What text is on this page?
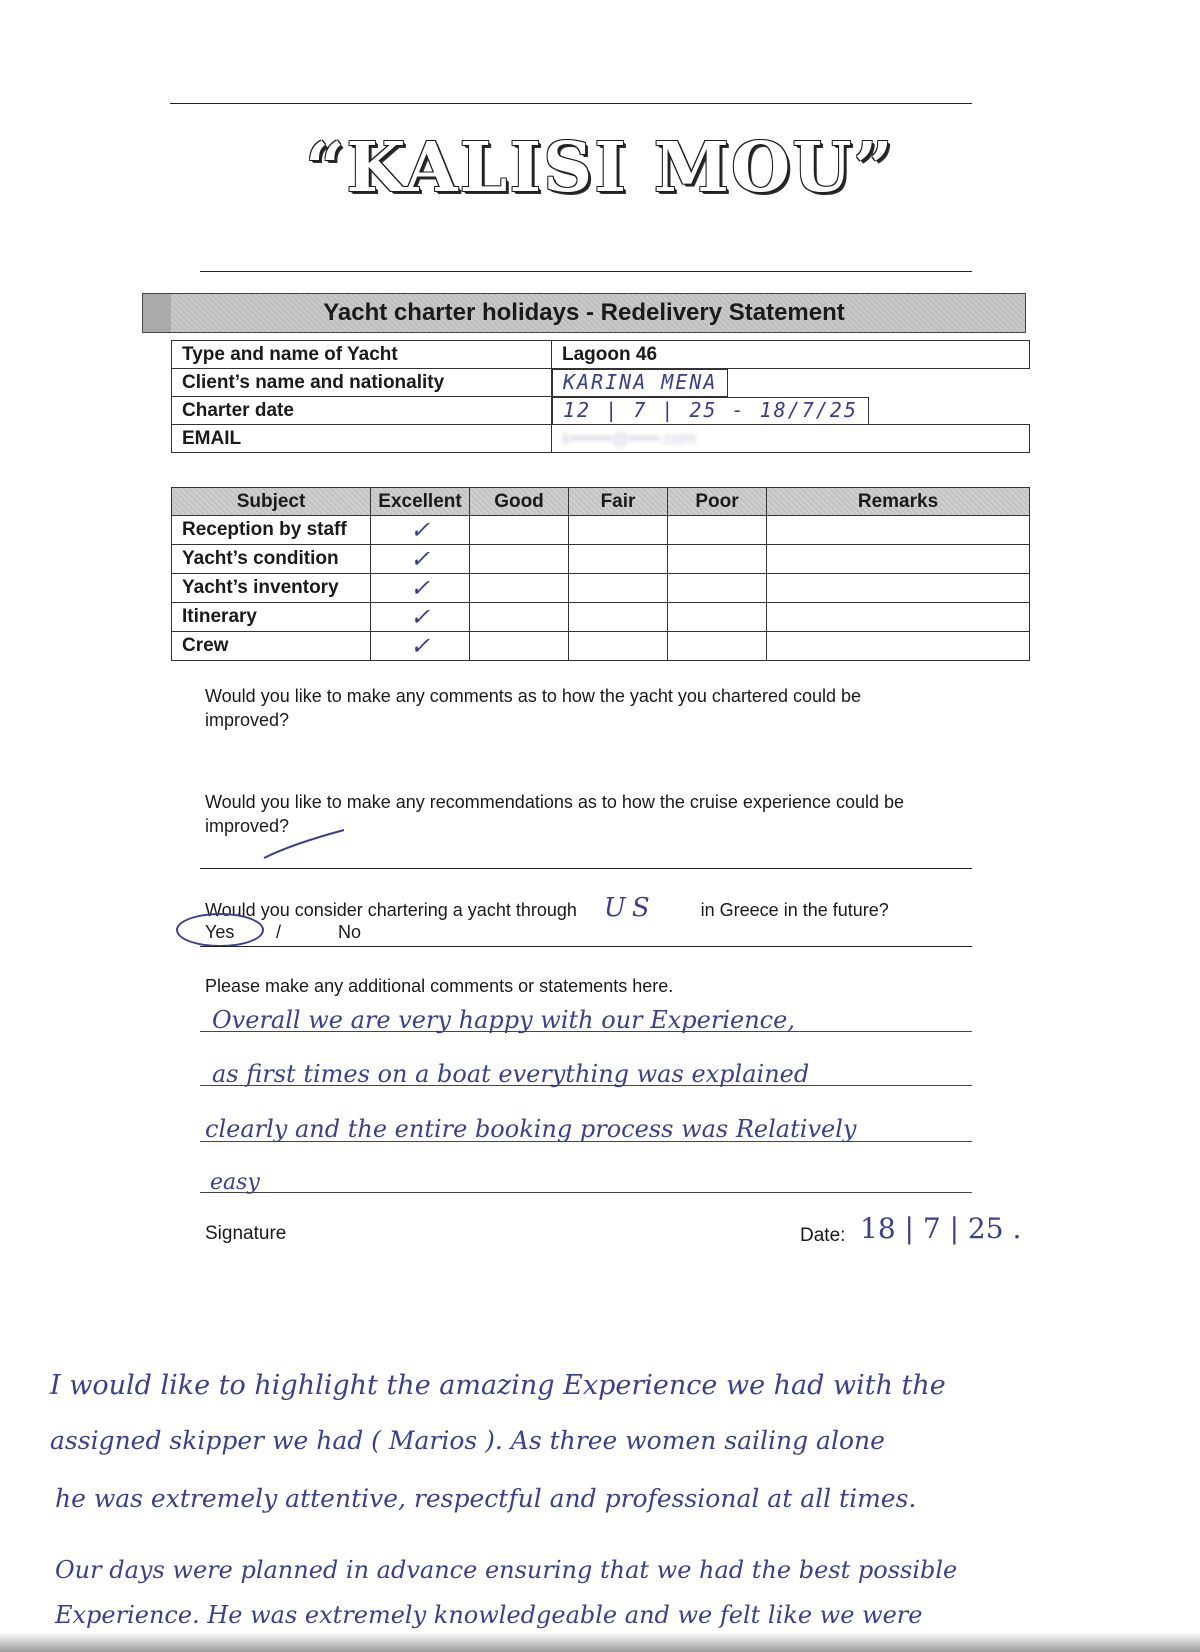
“KALISI MOU”
Yacht charter holidays - Redelivery Statement
Type and name of Yacht	Lagoon 46
Client’s name and nationality		KARINA MENA

Charter date		12 | 7 | 25 - 18/7/25

EMAIL	k•••••••@•••••.com
Subject	Excellent	Good	Fair	Poor	Remarks
Reception by staff	✓				
Yacht’s condition	✓				
Yacht’s inventory	✓				
Itinerary	✓				
Crew	✓				
Would you like to make any comments as to how the yacht you chartered could be
improved?
Would you like to make any recommendations as to how the cruise experience could be
improved?
Would you consider chartering a yacht through US	in Greece in the future?
Yes /	No
Please make any additional comments or statements here.
Overall we are very happy with our Experience,
as first times on a boat everything was explained
clearly and the entire booking process was Relatively
easy
Signature	Date: 18 | 7 | 25 .
I would like to highlight the amazing Experience we had with the
assigned skipper we had ( Marios ). As three women sailing alone
he was extremely attentive, respectful and professional at all times.
Our days were planned in advance ensuring that we had the best possible
Experience. He was extremely knowledgeable and we felt like we were
